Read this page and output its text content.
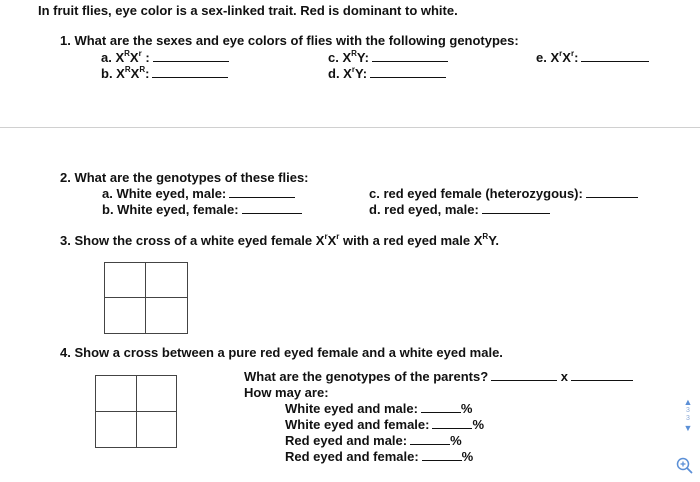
In fruit flies, eye color is a sex-linked trait. Red is dominant to white.
1. What are the sexes and eye colors of flies with the following genotypes:
a. $X^RX^r$ :
b. $X^RX^R$:
c. $X^RY$:
d. $X^rY$:
e. $X^rX^r$:
2. What are the genotypes of these flies:
a. White eyed, male:
b. White eyed, female:
c. red eyed female (heterozygous):
d. red eyed, male:
3. Show the cross of a white eyed female $X^rX^r$ with a red eyed male $X^RY$.
4. Show a cross between a pure red eyed female and a white eyed male.
What are the genotypes of the parents?	x
How may are:
White eyed and male:	%
White eyed and female:	%
Red eyed and male:	%
Red eyed and female:	%
▲
3
3
▼
